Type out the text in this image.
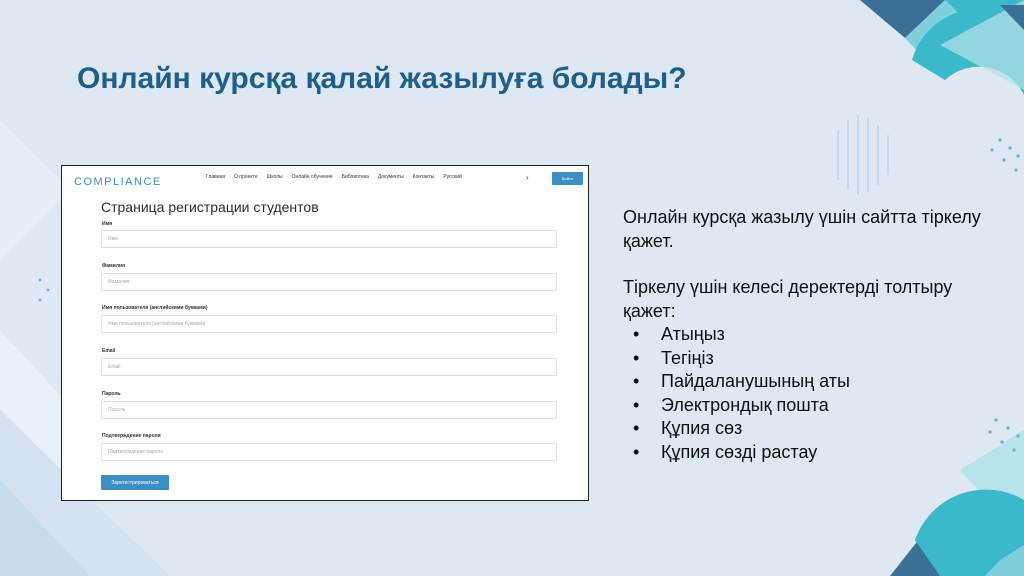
Онлайн курсқа қалай жазылуға болады?
COMPLIANCE	Главная О проекте Школы Онлайн обучение Библиотека Документы Контакты Русский	›	Войти
Страница регистрации студентов
Имя
Имя
Фамилия
Фамилия
Имя пользователя (английскими буквами)
Имя пользователя (английскими буквами)
Email
Email
Пароль
Пароль
Подтверждение пароля
Подтверждение пароля
Зарегистрироваться

Онлайн курсқа жазылу үшін сайтта тіркелу қажет.

Тіркелу үшін келесі деректерді толтыру қажет:

• Атыңыз
• Тегіңіз
• Пайдаланушының аты
• Электрондық пошта
• Құпия сөз
• Құпия сөзді растау
